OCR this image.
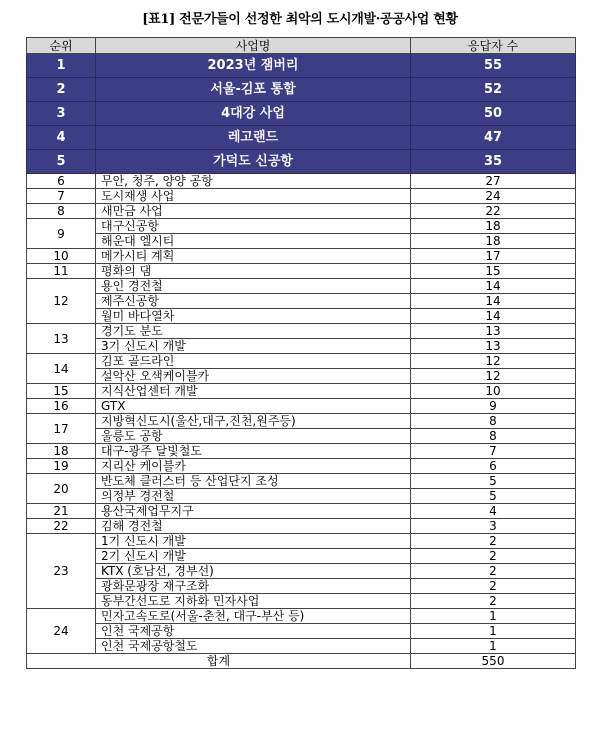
[표1] 전문가들이 선정한 최악의 도시개발·공공사업 현황
순위	사업명	응답자 수
1	2023년 잼버리	55
2	서울-김포 통합	52
3	4대강 사업	50
4	레고랜드	47
5	가덕도 신공항	35
6	무안, 청주, 양양 공항	27
7	도시재생 사업	24
8	새만금 사업	22
9	대구신공항	18
	해운대 엘시티	18
10	메가시티 계획	17
11	평화의 댐	15
12	용인 경전철	14
	제주신공항	14
	월미 바다열차	14
13	경기도 분도	13
	3기 신도시 개발	13
14	김포 골드라인	12
	설악산 오색케이블카	12
15	지식산업센터 개발	10
16	GTX	9
17	지방혁신도시(울산,대구,진천,원주등)	8
	울릉도 공항	8
18	대구-광주 달빛철도	7
19	지리산 케이블카	6
20	반도체 클러스터 등 산업단지 조성	5
	의정부 경전철	5
21	용산국제업무지구	4
22	김해 경전철	3
23	1기 신도시 개발	2
	2기 신도시 개발	2
	KTX (호남선, 경부선)	2
	광화문광장 재구조화	2
	동부간선도로 지하화 민자사업	2
24	민자고속도로(서울-춘천, 대구-부산 등)	1
	인천 국제공항	1
	인천 국제공항철도	1
합계		550
